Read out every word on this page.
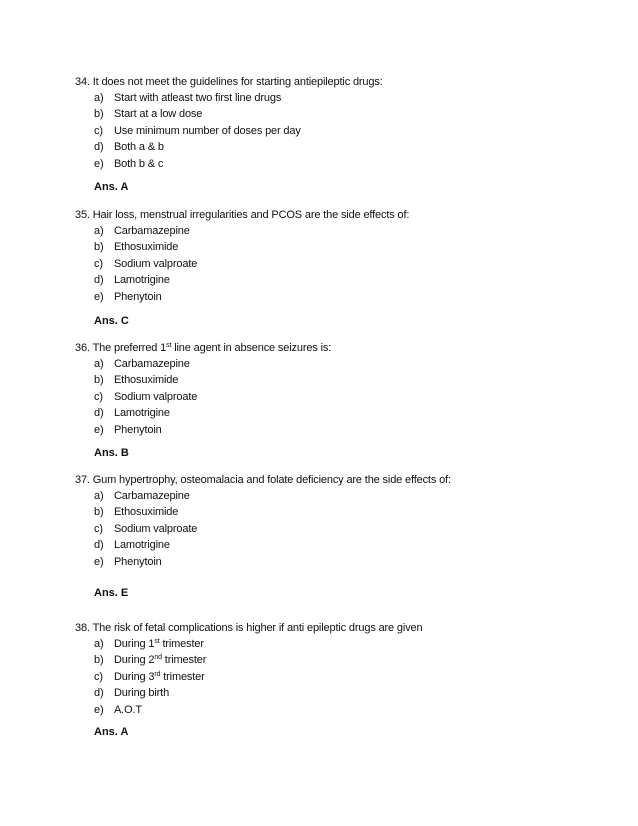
34. It does not meet the guidelines for starting antiepileptic drugs:
a) Start with atleast two first line drugs
b) Start at a low dose
c) Use minimum number of doses per day
d) Both a & b
e) Both b & c
Ans. A
35. Hair loss, menstrual irregularities and PCOS are the side effects of:
a) Carbamazepine
b) Ethosuximide
c) Sodium valproate
d) Lamotrigine
e) Phenytoin
Ans. C
36. The preferred 1st line agent in absence seizures is:
a) Carbamazepine
b) Ethosuximide
c) Sodium valproate
d) Lamotrigine
e) Phenytoin
Ans. B
37. Gum hypertrophy, osteomalacia and folate deficiency are the side effects of:
a) Carbamazepine
b) Ethosuximide
c) Sodium valproate
d) Lamotrigine
e) Phenytoin
Ans. E
38. The risk of fetal complications is higher if anti epileptic drugs are given
a) During 1st trimester
b) During 2nd trimester
c) During 3rd trimester
d) During birth
e) A.O.T
Ans. A
